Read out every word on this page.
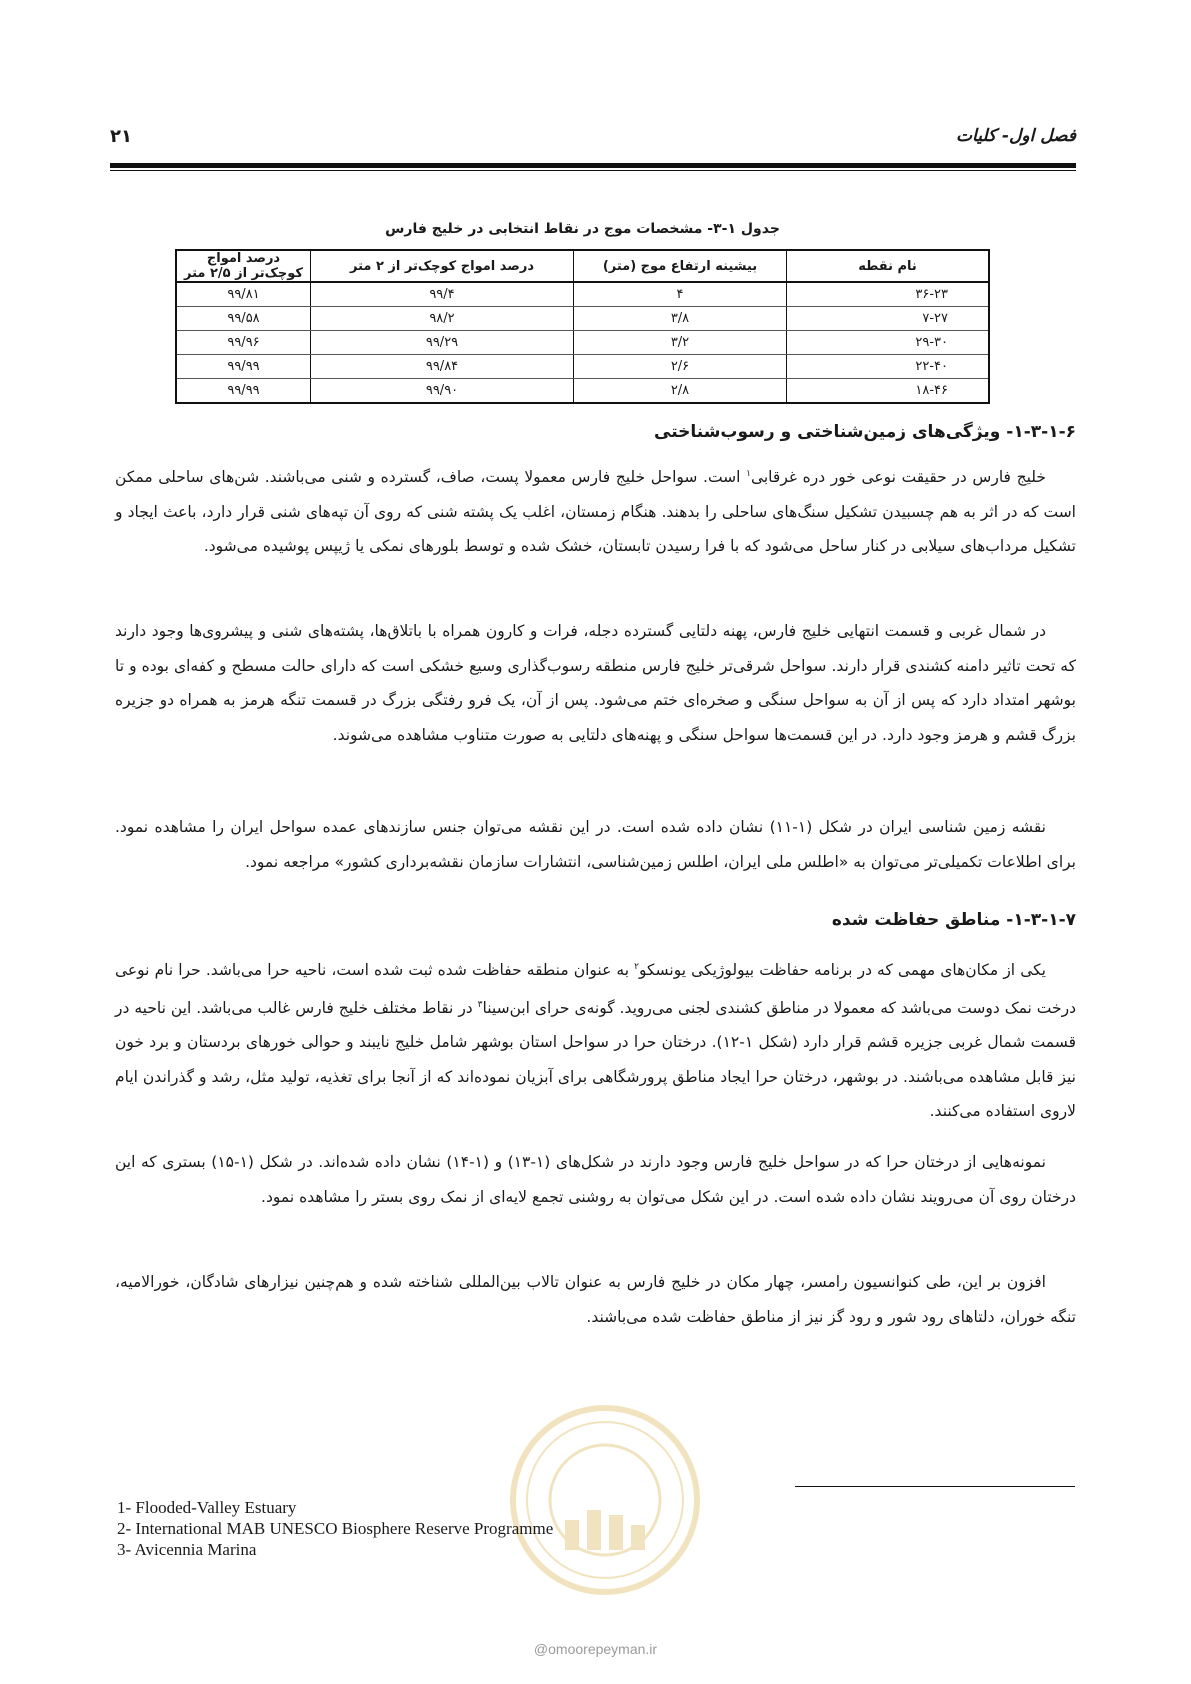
فصل اول- کلیات
۲۱
جدول ۱-۳- مشخصات موج در نقاط انتخابی در خلیج فارس
نام نقطه	بیشینه ارتفاع موج (متر)	درصد امواج کوچک‌تر از ۲ متر	درصد امواج کوچک‌تر از ۲/۵ متر
۳۶-۲۳	۴	۹۹/۴	۹۹/۸۱
۷-۲۷	۳/۸	۹۸/۲	۹۹/۵۸
۲۹-۳۰	۳/۲	۹۹/۲۹	۹۹/۹۶
۲۲-۴۰	۲/۶	۹۹/۸۴	۹۹/۹۹
۱۸-۴۶	۲/۸	۹۹/۹۰	۹۹/۹۹
۱-۳-۱-۶- ویژگی‌های زمین‌شناختی و رسوب‌شناختی

خلیج فارس در حقیقت نوعی خور دره غرقابی$^۱$ است. سواحل خلیج فارس معمولا پست، صاف، گسترده و شنی می‌باشند. شن‌های ساحلی ممکن است که در اثر به هم چسبیدن تشکیل سنگ‌های ساحلی را بدهند. هنگام زمستان، اغلب یک پشته شنی که روی آن تپه‌های شنی قرار دارد، باعث ایجاد و تشکیل مرداب‌های سیلابی در کنار ساحل می‌شود که با فرا رسیدن تابستان، خشک شده و توسط بلورهای نمکی یا ژیپس پوشیده می‌شود.

در شمال غربی و قسمت انتهایی خلیج فارس، پهنه دلتایی گسترده دجله، فرات و کارون همراه با باتلاق‌ها، پشته‌های شنی و پیشروی‌ها وجود دارند که تحت تاثیر دامنه کشندی قرار دارند. سواحل شرقی‌تر خلیج فارس منطقه رسوب‌گذاری وسیع خشکی است که دارای حالت مسطح و کفه‌ای بوده و تا بوشهر امتداد دارد که پس از آن به سواحل سنگی و صخره‌ای ختم می‌شود. پس از آن، یک فرو رفتگی بزرگ در قسمت تنگه هرمز به همراه دو جزیره بزرگ قشم و هرمز وجود دارد. در این قسمت‌ها سواحل سنگی و پهنه‌های دلتایی به صورت متناوب مشاهده می‌شوند.

نقشه زمین شناسی ایران در شکل (۱-۱۱) نشان داده شده است. در این نقشه می‌توان جنس سازندهای عمده سواحل ایران را مشاهده نمود. برای اطلاعات تکمیلی‌تر می‌توان به «اطلس ملی ایران، اطلس زمین‌شناسی، انتشارات سازمان نقشه‌برداری کشور» مراجعه نمود.

۱-۳-۱-۷- مناطق حفاظت شده

یکی از مکان‌های مهمی که در برنامه حفاظت بیولوژیکی یونسکو$^۲$ به عنوان منطقه حفاظت شده ثبت شده است، ناحیه حرا می‌باشد. حرا نام نوعی درخت نمک دوست می‌باشد که معمولا در مناطق کشندی لجنی می‌روید. گونه‌ی حرای ابن‌سینا$^۳$ در نقاط مختلف خلیج فارس غالب می‌باشد. این ناحیه در قسمت شمال غربی جزیره قشم قرار دارد (شکل ۱-۱۲). درختان حرا در سواحل استان بوشهر شامل خلیج نایبند و حوالی خورهای بردستان و برد خون نیز قابل مشاهده می‌باشند. در بوشهر، درختان حرا ایجاد مناطق پرورشگاهی برای آبزیان نموده‌اند که از آنجا برای تغذیه، تولید مثل، رشد و گذراندن ایام لاروی استفاده می‌کنند.

نمونه‌هایی از درختان حرا که در سواحل خلیج فارس وجود دارند در شکل‌های (۱-۱۳) و (۱-۱۴) نشان داده شده‌اند. در شکل (۱-۱۵) بستری که این درختان روی آن می‌رویند نشان داده شده است. در این شکل می‌توان به روشنی تجمع لایه‌ای از نمک روی بستر را مشاهده نمود.

افزون بر این، طی کنوانسیون رامسر، چهار مکان در خلیج فارس به عنوان تالاب بین‌المللی شناخته شده و هم‌چنین نیزارهای شادگان، خورالامیه، تنگه خوران، دلتاهای رود شور و رود گز نیز از مناطق حفاظت شده می‌باشند.

1- Flooded-Valley Estuary
2- International MAB UNESCO Biosphere Reserve Programme
3- Avicennia Marina
@omoorepeyman.ir
